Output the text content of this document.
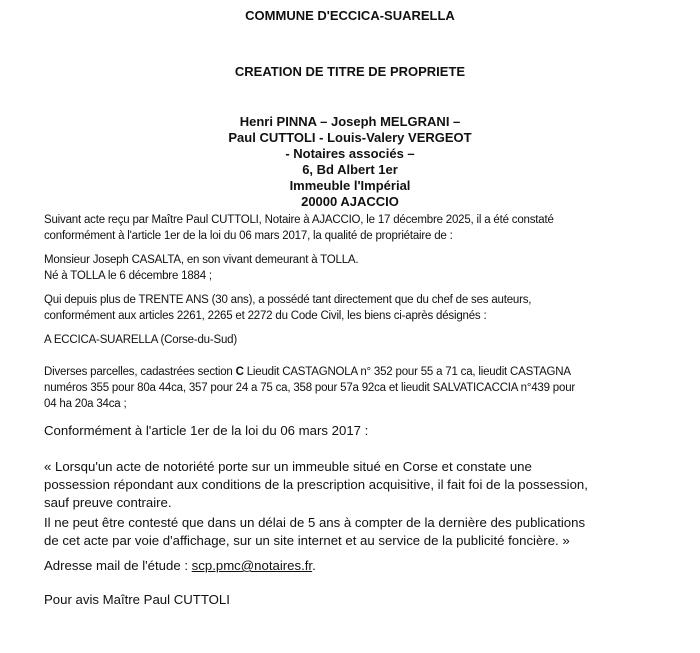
COMMUNE D'ECCICA-SUARELLA
CREATION DE TITRE DE PROPRIETE
Henri PINNA – Joseph MELGRANI –
Paul CUTTOLI - Louis-Valery VERGEOT
- Notaires associés –
6, Bd Albert 1er
Immeuble l'Impérial
20000 AJACCIO
Suivant acte reçu par Maître Paul CUTTOLI, Notaire à AJACCIO, le 17 décembre 2025, il a été constaté
conformément à l'article 1er de la loi du 06 mars 2017, la qualité de propriétaire de :
Monsieur Joseph CASALTA, en son vivant demeurant à TOLLA.
Né à TOLLA le 6 décembre 1884 ;
Qui depuis plus de TRENTE ANS (30 ans), a possédé tant directement que du chef de ses auteurs,
conformément aux articles 2261, 2265 et 2272 du Code Civil, les biens ci-après désignés :
A ECCICA-SUARELLA (Corse-du-Sud)
Diverses parcelles, cadastrées section C Lieudit CASTAGNOLA n° 352 pour 55 a 71 ca, lieudit CASTAGNA
numéros 355 pour 80a 44ca, 357 pour 24 a 75 ca, 358 pour 57a 92ca et lieudit SALVATICACCIA n°439 pour
04 ha 20a 34ca ;
Conformément à l'article 1er de la loi du 06 mars 2017 :
« Lorsqu'un acte de notoriété porte sur un immeuble situé en Corse et constate une
possession répondant aux conditions de la prescription acquisitive, il fait foi de la possession,
sauf preuve contraire.
Il ne peut être contesté que dans un délai de 5 ans à compter de la dernière des publications
de cet acte par voie d'affichage, sur un site internet et au service de la publicité foncière. »
Adresse mail de l'étude : scp.pmc@notaires.fr.
Pour avis Maître Paul CUTTOLI
